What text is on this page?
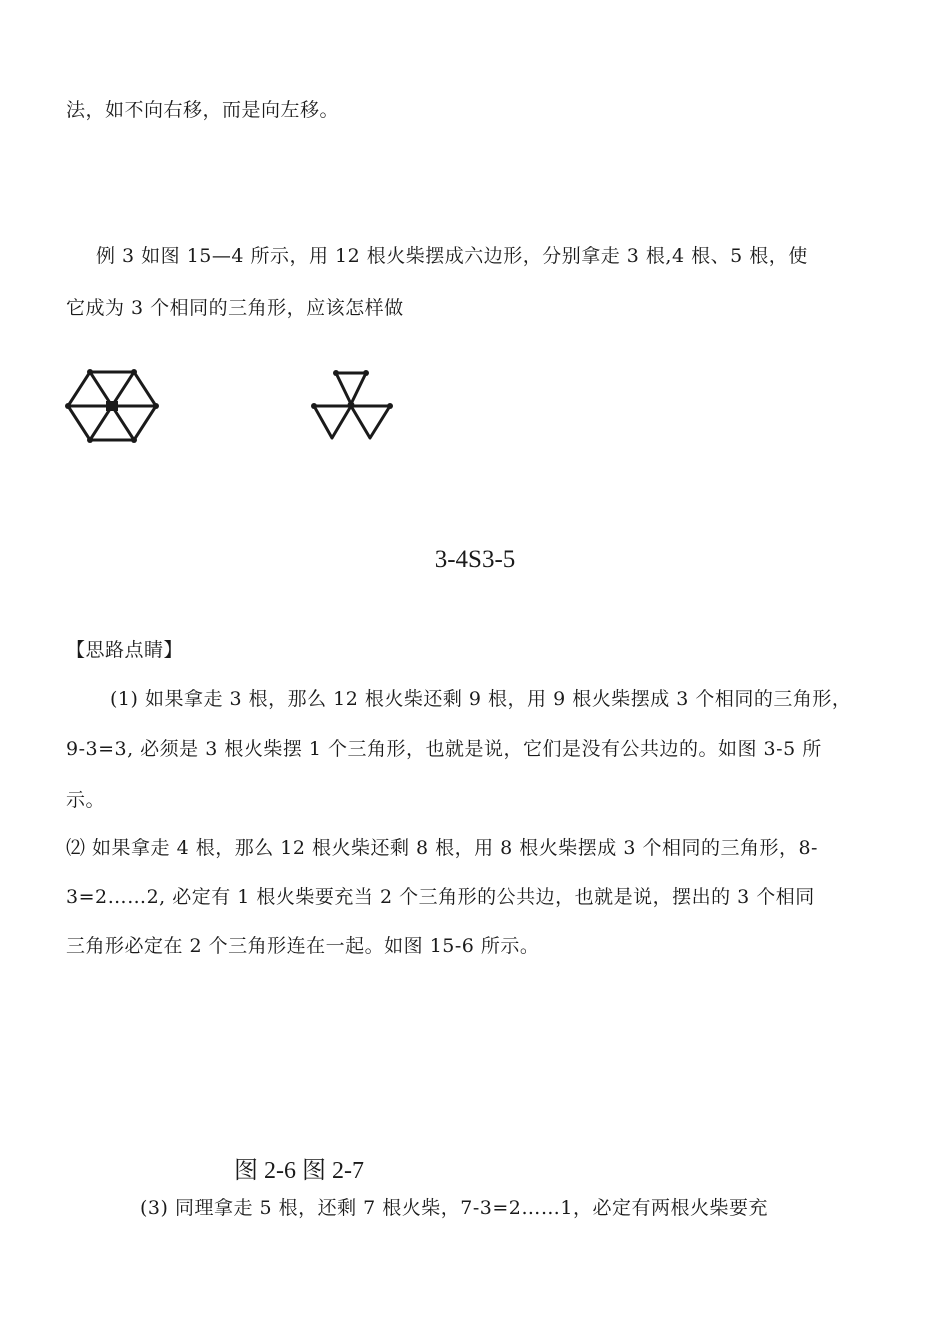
法，如不向右移，而是向左移。
例 3 如图 15—4 所示，用 12 根火柴摆成六边形，分别拿走 3 根,4 根、5 根，使
它成为 3 个相同的三角形，应该怎样做
3-4S3-5
【思路点睛】
(1) 如果拿走 3 根，那么 12 根火柴还剩 9 根，用 9 根火柴摆成 3 个相同的三角形，
9-3=3, 必须是 3 根火柴摆 1 个三角形，也就是说，它们是没有公共边的。如图 3-5 所
示。
⑵ 如果拿走 4 根，那么 12 根火柴还剩 8 根，用 8 根火柴摆成 3 个相同的三角形，8-
3=2……2, 必定有 1 根火柴要充当 2 个三角形的公共边，也就是说，摆出的 3 个相同
三角形必定在 2 个三角形连在一起。如图 15-6 所示。
图 2-6 图 2-7
(3) 同理拿走 5 根，还剩 7 根火柴，7-3=2……1，必定有两根火柴要充
